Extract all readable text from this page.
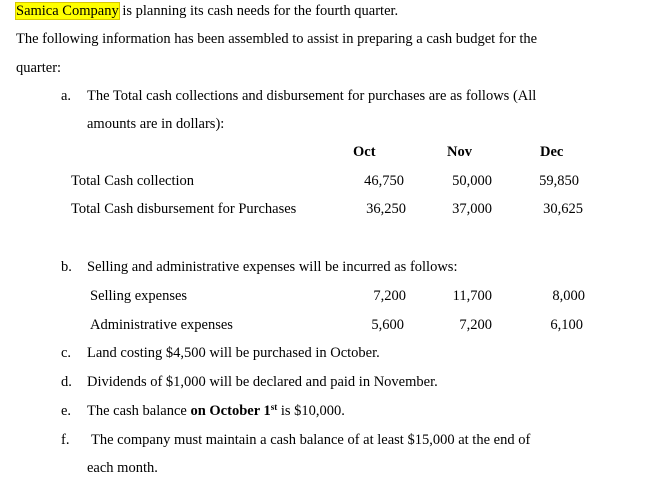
Samica Company is planning its cash needs for the fourth quarter.
The following information has been assembled to assist in preparing a cash budget for the
quarter:
a. The Total cash collections and disbursement for purchases are as follows (All
amounts are in dollars):
Oct	Nov	Dec
Total Cash collection	46,750	50,000	59,850
Total Cash disbursement for Purchases	36,250	37,000	30,625
b. Selling and administrative expenses will be incurred as follows:
Selling expenses	7,200	11,700	8,000
Administrative expenses	5,600	7,200	6,100
c. Land costing $4,500 will be purchased in October.
d. Dividends of $1,000 will be declared and paid in November.
e. The cash balance on October 1st is $10,000.
f. The company must maintain a cash balance of at least $15,000 at the end of
each month.
